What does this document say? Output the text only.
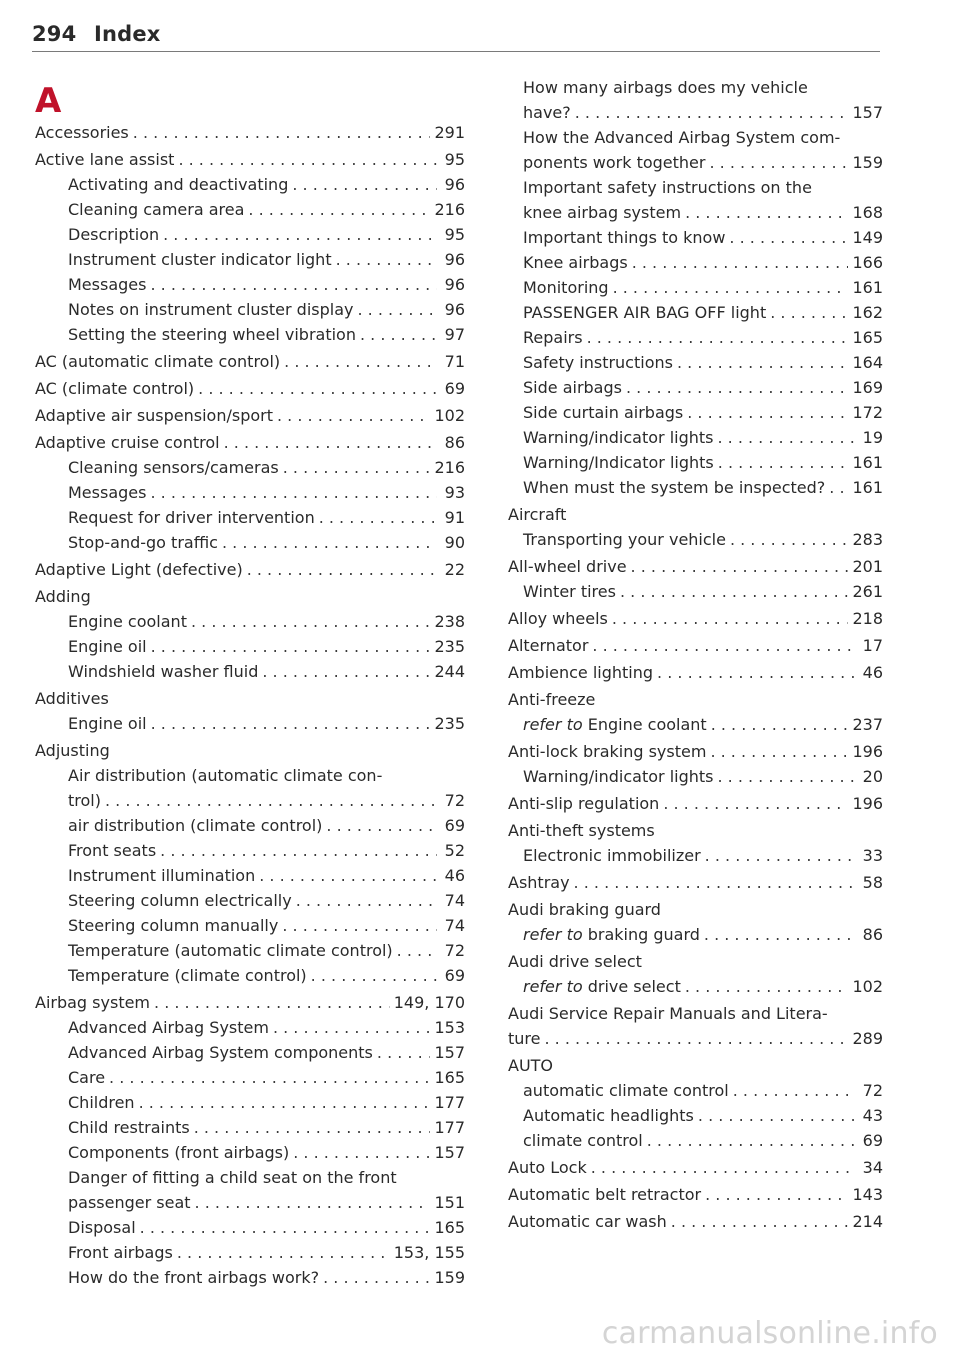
294 Index
A
Accessories . . .	291
Active lane assist . . .	95
Activating and deactivating . . .	96
Cleaning camera area . . .	216
Description . . .	95
Instrument cluster indicator light . . .	96
Messages . . .	96
Notes on instrument cluster display . . .	96
Setting the steering wheel vibration . . .	97
AC (automatic climate control) . . .	71
AC (climate control) . . .	69
Adaptive air suspension/sport . . .	102
Adaptive cruise control . . .	86
Cleaning sensors/cameras . . .	216
Messages . . .	93
Request for driver intervention . . .	91
Stop-and-go traffic . . .	90
Adaptive Light (defective) . . .	22
Adding
Engine coolant . . .	238
Engine oil . . .	235
Windshield washer fluid . . .	244
Additives
Engine oil . . .	235
Adjusting
Air distribution (automatic climate con-
trol) . . .	72
air distribution (climate control) . . .	69
Front seats . . .	52
Instrument illumination . . .	46
Steering column electrically . . .	74
Steering column manually . . .	74
Temperature (automatic climate control) . . .	72
Temperature (climate control) . . .	69
Airbag system . . .	149, 170
Advanced Airbag System . . .	153
Advanced Airbag System components . . .	157
Care . . .	165
Children . . .	177
Child restraints . . .	177
Components (front airbags) . . .	157
Danger of fitting a child seat on the front
passenger seat . . .	151
Disposal . . .	165
Front airbags . . .	153, 155
How do the front airbags work? . . .	159
How many airbags does my vehicle
have? . . .	157
How the Advanced Airbag System com-
ponents work together . . .	159
Important safety instructions on the
knee airbag system . . .	168
Important things to know . . .	149
Knee airbags . . .	166
Monitoring . . .	161
PASSENGER AIR BAG OFF light . . .	162
Repairs . . .	165
Safety instructions . . .	164
Side airbags . . .	169
Side curtain airbags . . .	172
Warning/indicator lights . . .	19
Warning/Indicator lights . . .	161
When must the system be inspected? . . . 161
Aircraft
Transporting your vehicle . . .	283
All-wheel drive . . .	201
Winter tires . . .	261
Alloy wheels . . .	218
Alternator . . .	17
Ambience lighting . . .	46
Anti-freeze
refer to Engine coolant . . .	237
Anti-lock braking system . . .	196
Warning/indicator lights . . .	20
Anti-slip regulation . . .	196
Anti-theft systems
Electronic immobilizer . . .	33
Ashtray . . .	58
Audi braking guard
refer to braking guard . . .	86
Audi drive select
refer to drive select . . .	102
Audi Service Repair Manuals and Litera-
ture . . .	289
AUTO
automatic climate control . . .	72
Automatic headlights . . .	43
climate control . . .	69
Auto Lock . . .	34
Automatic belt retractor . . .	143
Automatic car wash . . .	214
carmanualsonline.info
